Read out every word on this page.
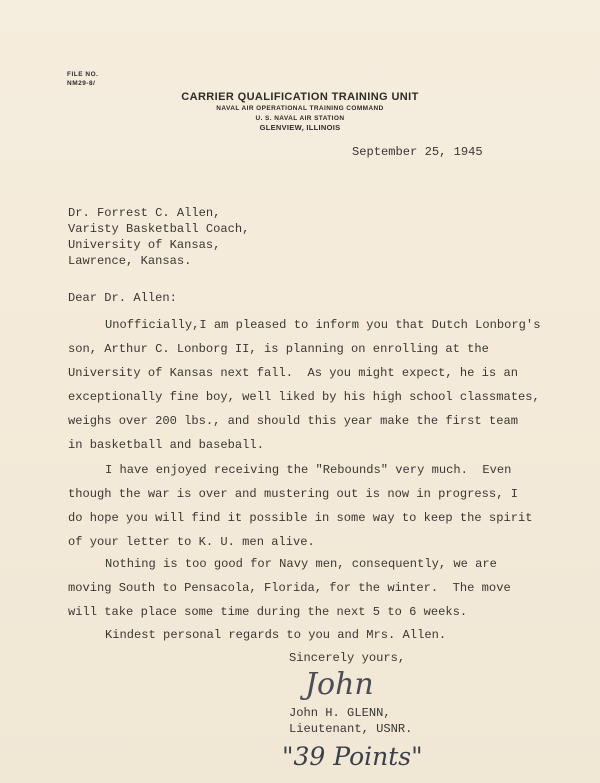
FILE NO.
NM29-8/
CARRIER QUALIFICATION TRAINING UNIT
NAVAL AIR OPERATIONAL TRAINING COMMAND
U. S. NAVAL AIR STATION
GLENVIEW, ILLINOIS
September 25, 1945
Dr. Forrest C. Allen,
Varisty Basketball Coach,
University of Kansas,
Lawrence, Kansas.
Dear Dr. Allen:
Unofficially,I am pleased to inform you that Dutch Lonborg's
son, Arthur C. Lonborg II, is planning on enrolling at the
University of Kansas next fall.  As you might expect, he is an
exceptionally fine boy, well liked by his high school classmates,
weighs over 200 lbs., and should this year make the first team
in basketball and baseball.
I have enjoyed receiving the "Rebounds" very much.  Even
though the war is over and mustering out is now in progress, I
do hope you will find it possible in some way to keep the spirit
of your letter to K. U. men alive.
Nothing is too good for Navy men, consequently, we are
moving South to Pensacola, Florida, for the winter.  The move
will take place some time during the next 5 to 6 weeks.
Kindest personal regards to you and Mrs. Allen.
Sincerely yours,
John
John H. GLENN,
Lieutenant, USNR.
"39 Points"
